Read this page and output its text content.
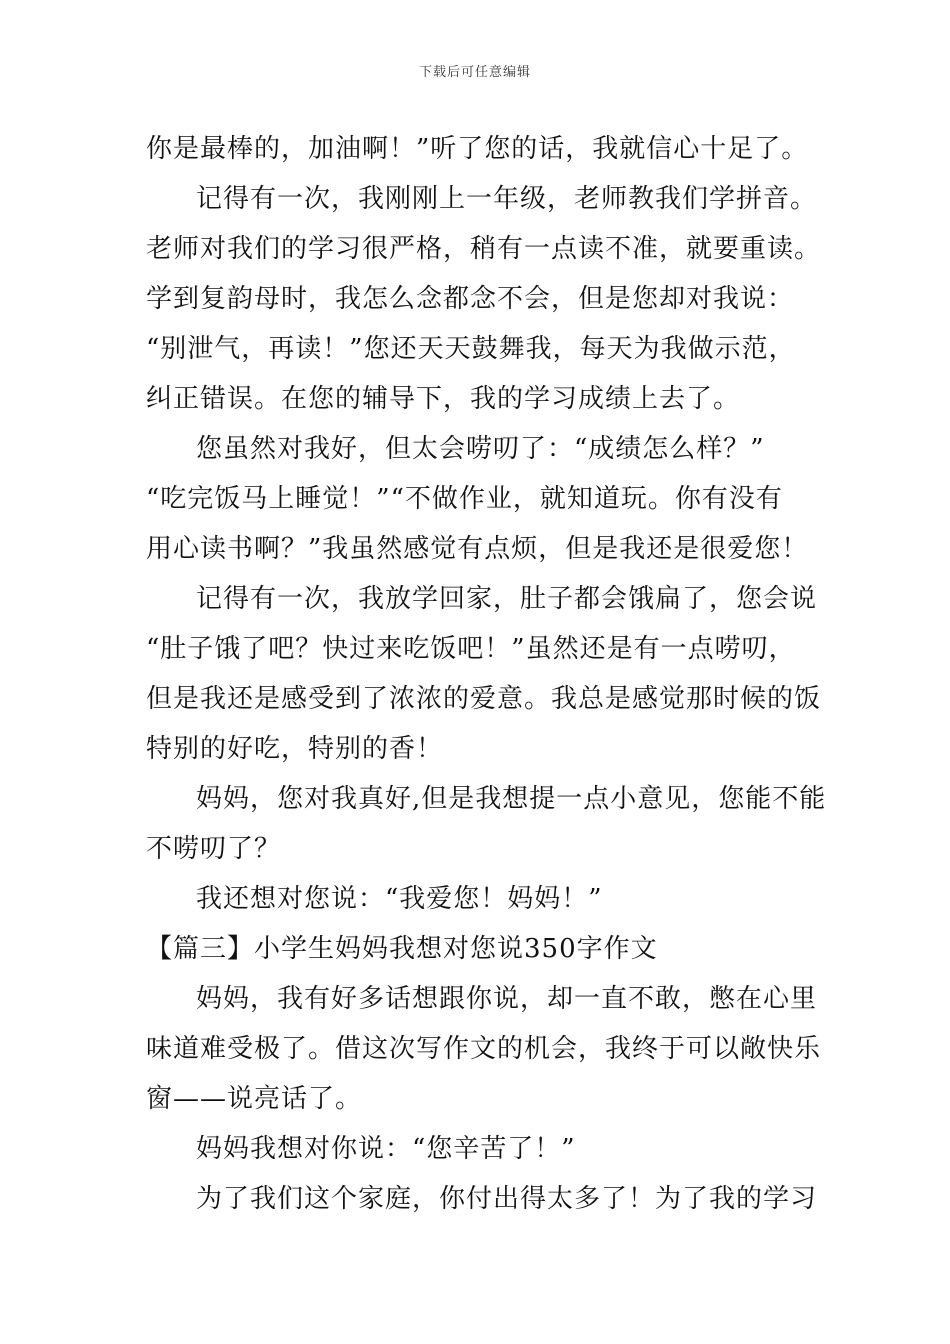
下载后可任意编辑
你是最棒的，加油啊！”听了您的话，我就信心十足了。
记得有一次，我刚刚上一年级，老师教我们学拼音。
老师对我们的学习很严格，稍有一点读不准，就要重读。
学到复韵母时，我怎么念都念不会，但是您却对我说：
“别泄气，再读！”您还天天鼓舞我，每天为我做示范，
纠正错误。在您的辅导下，我的学习成绩上去了。
您虽然对我好，但太会唠叨了：“成绩怎么样？”
“吃完饭马上睡觉！”“不做作业，就知道玩。你有没有
用心读书啊？”我虽然感觉有点烦，但是我还是很爱您！
记得有一次，我放学回家，肚子都会饿扁了，您会说
“肚子饿了吧？快过来吃饭吧！”虽然还是有一点唠叨，
但是我还是感受到了浓浓的爱意。我总是感觉那时候的饭
特别的好吃，特别的香！
妈妈，您对我真好,但是我想提一点小意见，您能不能
不唠叨了？
我还想对您说：“我爱您！妈妈！”
【篇三】小学生妈妈我想对您说350字作文
妈妈，我有好多话想跟你说，却一直不敢，憋在心里
味道难受极了。借这次写作文的机会，我终于可以敞快乐
窗——说亮话了。
妈妈我想对你说：“您辛苦了！”
为了我们这个家庭，你付出得太多了！为了我的学习
